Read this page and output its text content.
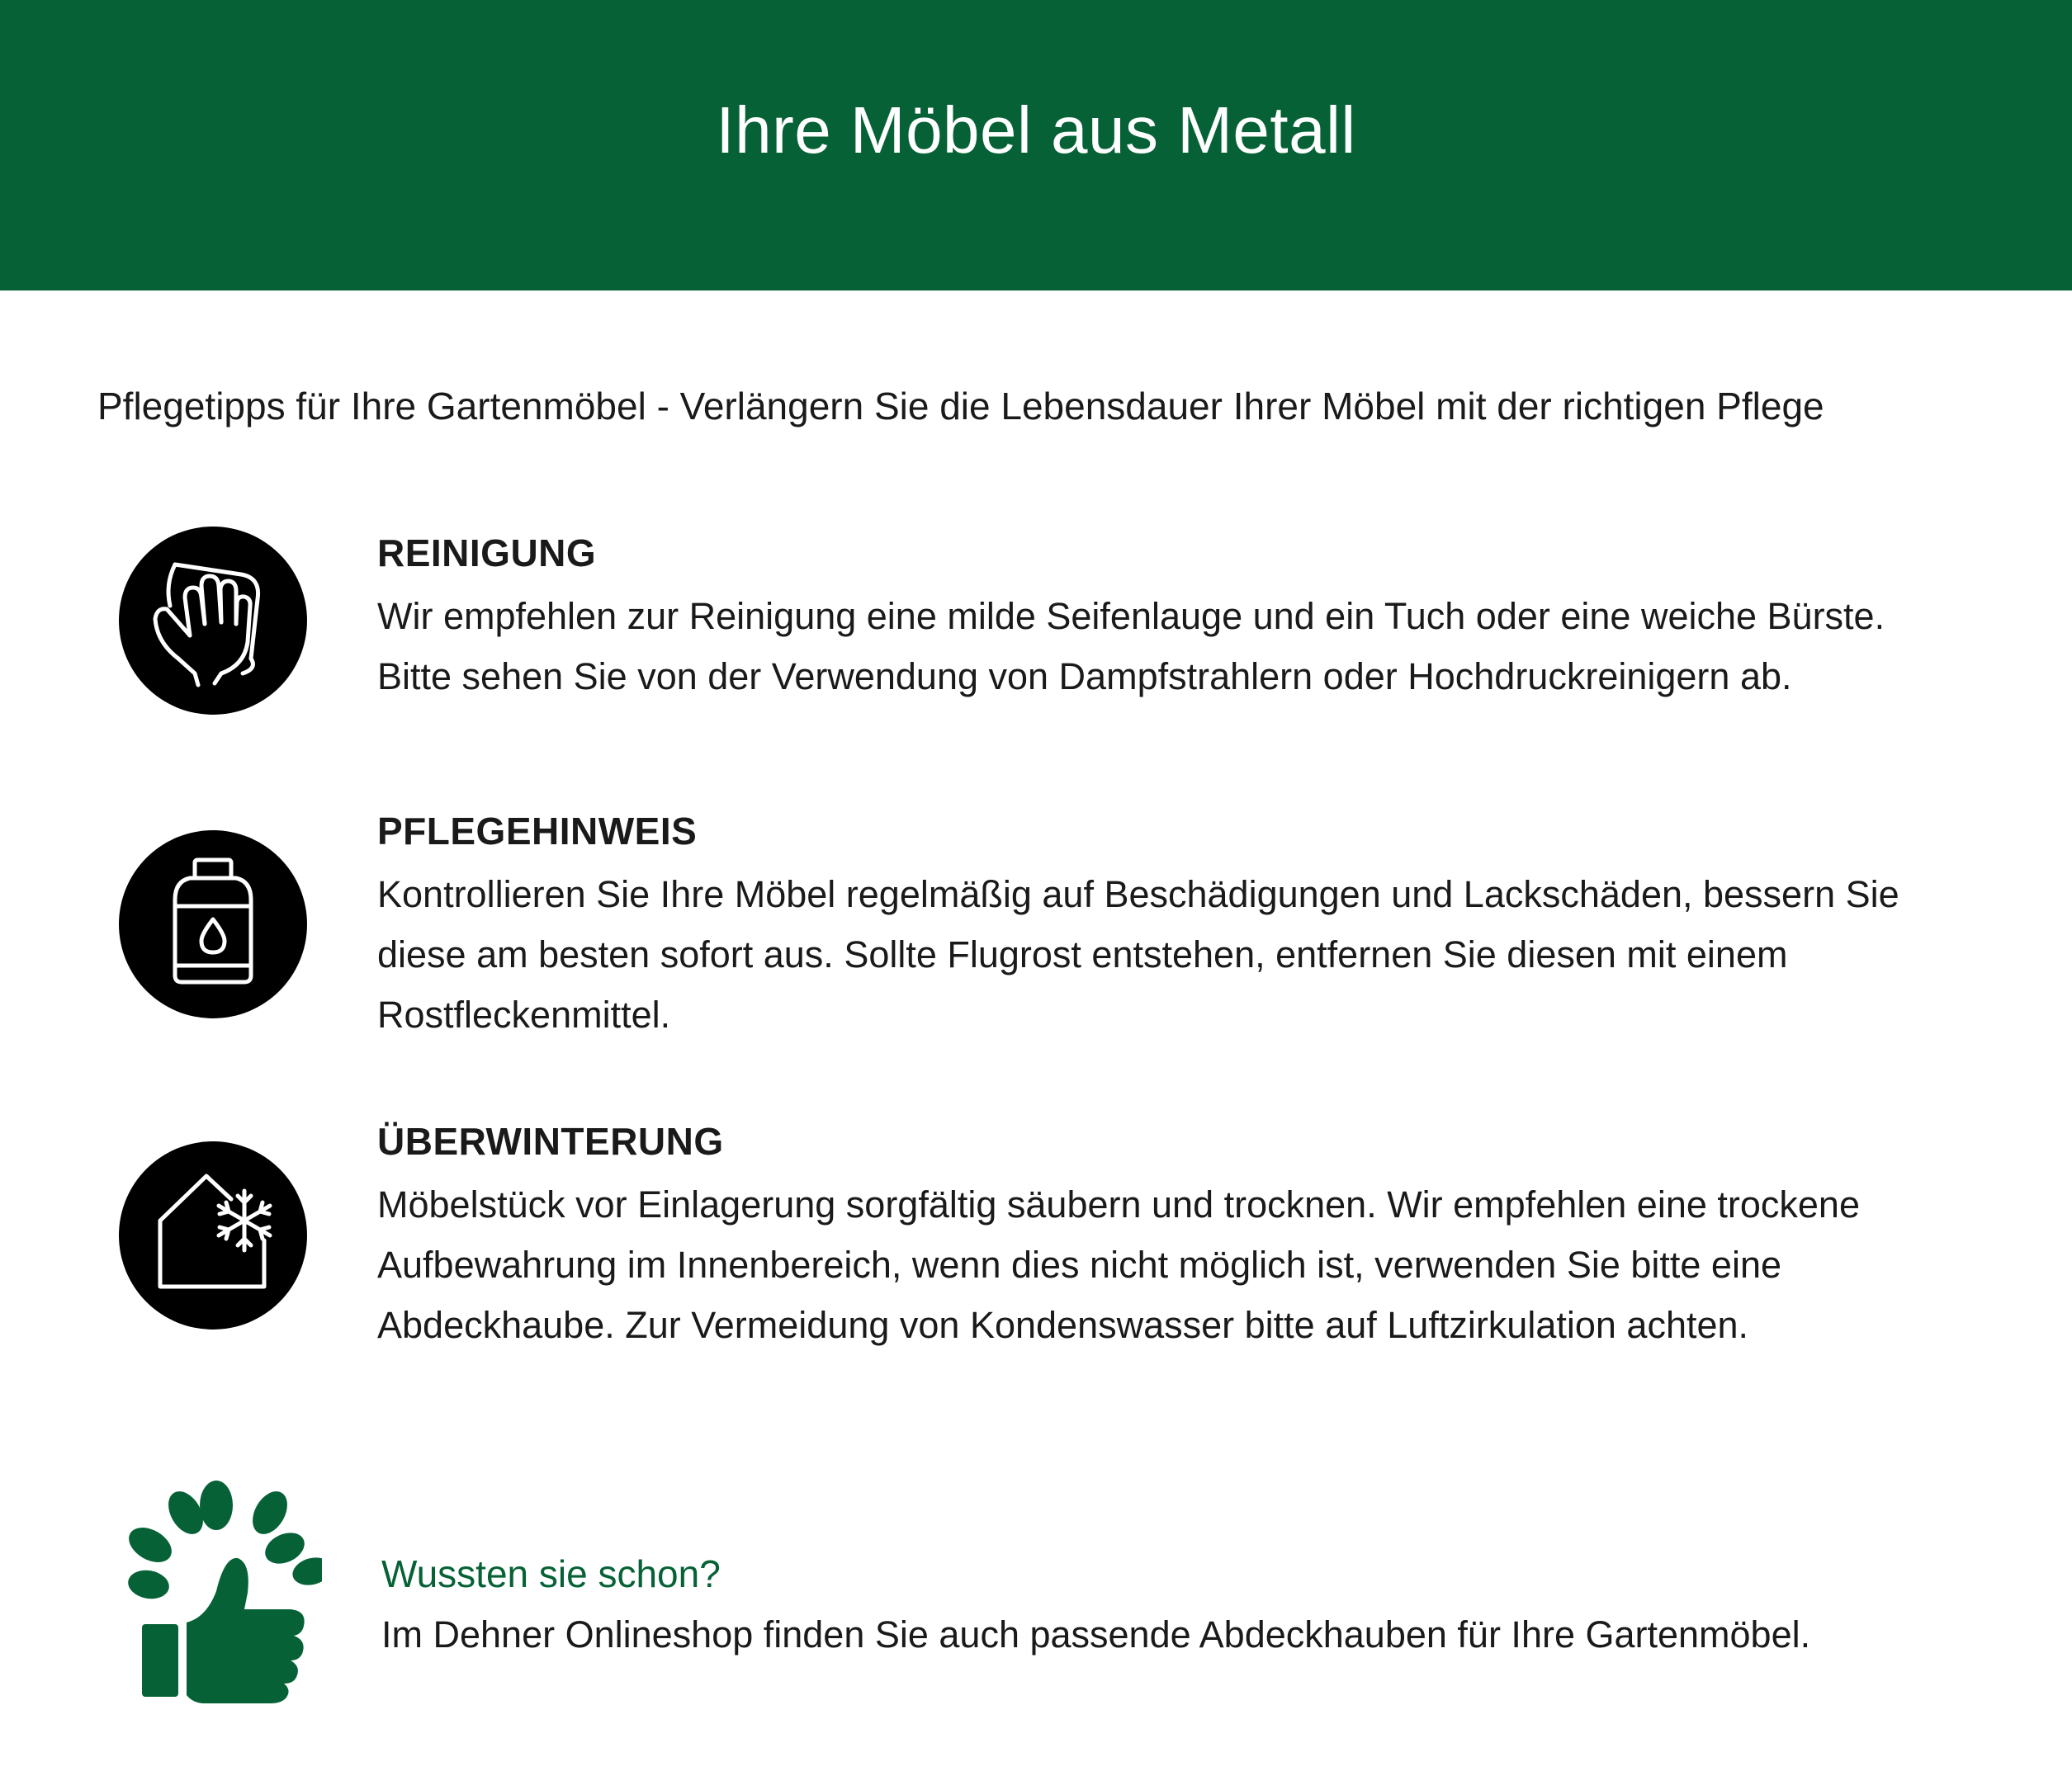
Ihre Möbel aus Metall

Pflegetipps für Ihre Gartenmöbel - Verlängern Sie die Lebensdauer Ihrer Möbel mit der richtigen Pflege

REINIGUNG
Wir empfehlen zur Reinigung eine milde Seifenlauge und ein Tuch oder eine weiche Bürste.
Bitte sehen Sie von der Verwendung von Dampfstrahlern oder Hochdruckreinigern ab.
PFLEGEHINWEIS
Kontrollieren Sie Ihre Möbel regelmäßig auf Beschädigungen und Lackschäden, bessern Sie
diese am besten sofort aus. Sollte Flugrost entstehen, entfernen Sie diesen mit einem
Rostfleckenmittel.
ÜBERWINTERUNG
Möbelstück vor Einlagerung sorgfältig säubern und trocknen. Wir empfehlen eine trockene
Aufbewahrung im Innenbereich, wenn dies nicht möglich ist, verwenden Sie bitte eine
Abdeckhaube. Zur Vermeidung von Kondenswasser bitte auf Luftzirkulation achten.
Wussten sie schon?
Im Dehner Onlineshop finden Sie auch passende Abdeckhauben für Ihre Gartenmöbel.
